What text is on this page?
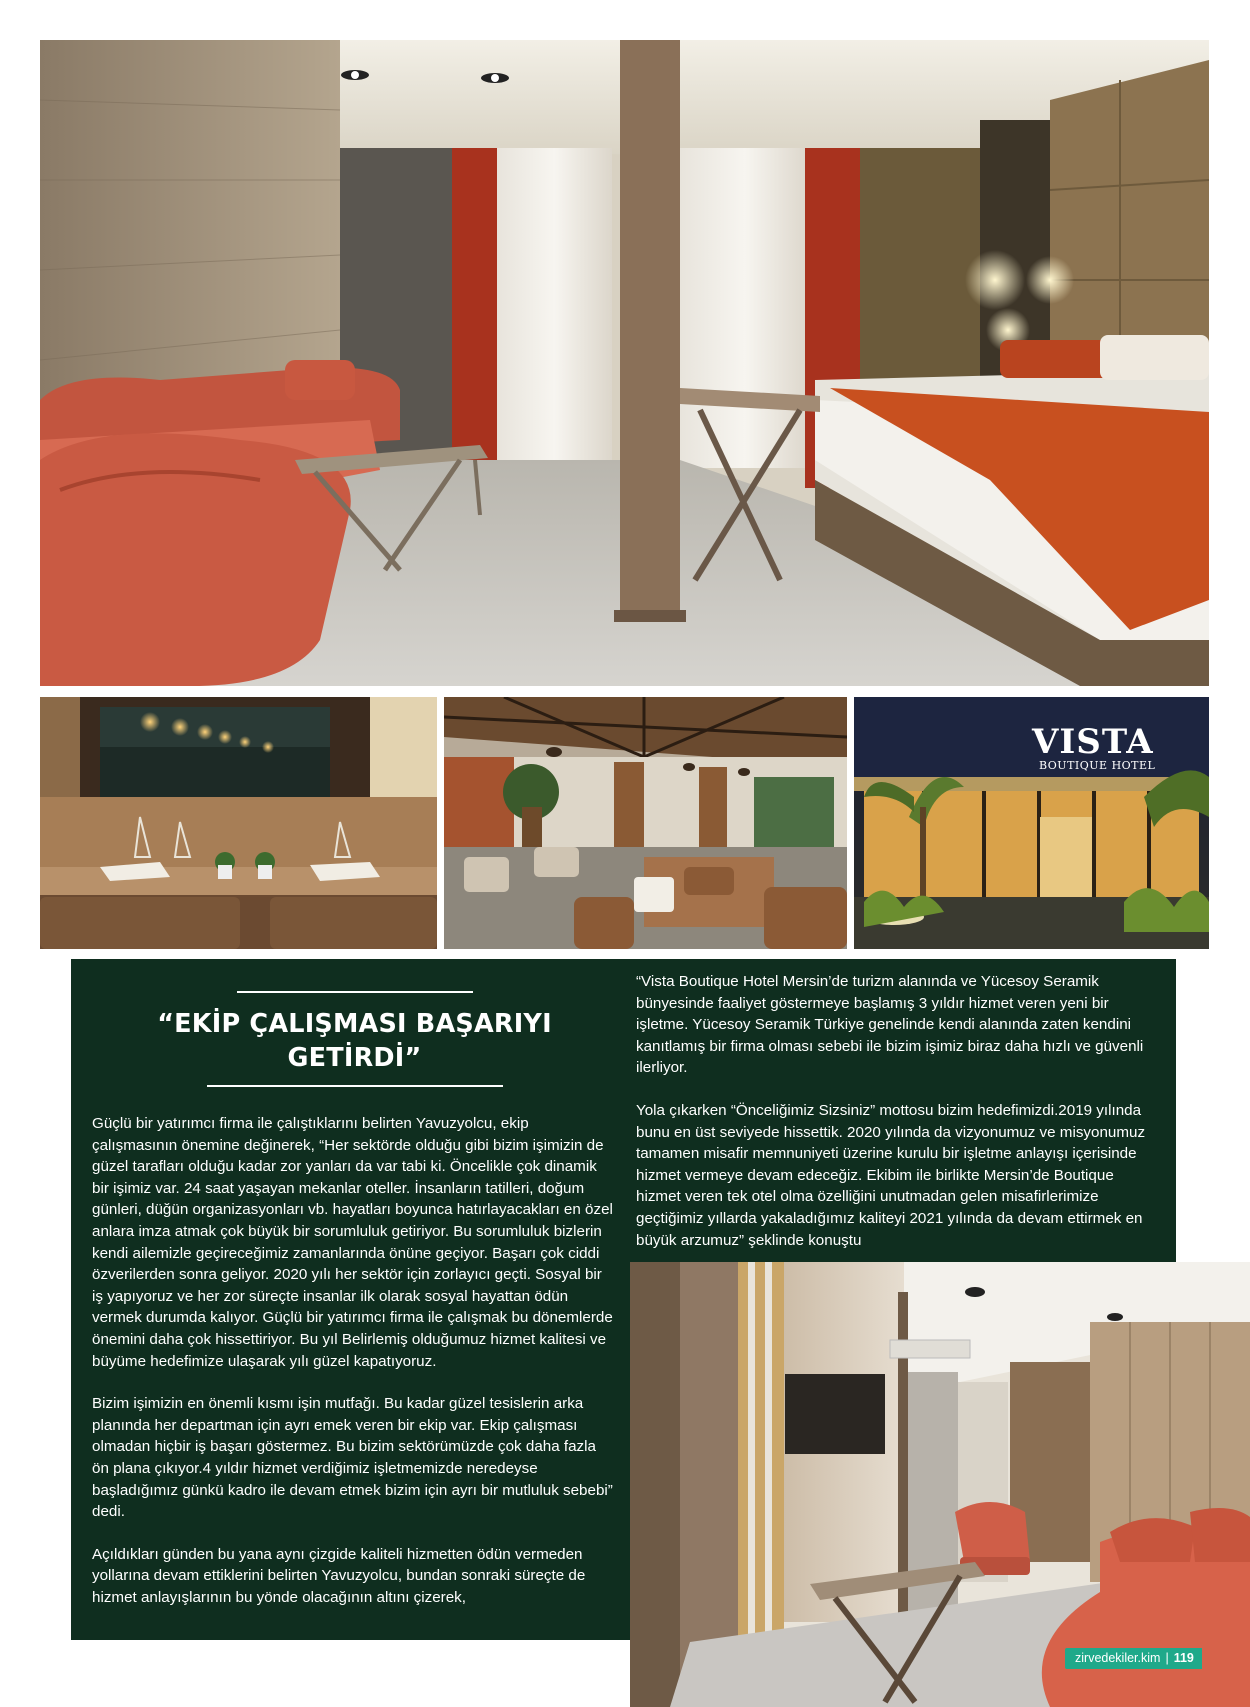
VISTA
BOUTIQUE HOTEL
“EKİP ÇALIŞMASI BAŞARIYI GETİRDİ”

Güçlü bir yatırımcı firma ile çalıştıklarını belirten Yavuzyolcu, ekip çalışmasının önemine değinerek, “Her sektörde olduğu gibi bizim işimizin de güzel tarafları olduğu kadar zor yanları da var tabi ki. Öncelikle çok dinamik bir işimiz var. 24 saat yaşayan mekanlar oteller. İnsanların tatilleri, doğum günleri, düğün organizasyonları vb. hayatları boyunca hatırlayacakları en özel anlara imza atmak çok büyük bir sorumluluk getiriyor. Bu sorumluluk bizlerin kendi ailemizle geçireceğimiz zamanlarında önüne geçiyor. Başarı çok ciddi özverilerden sonra geliyor. 2020 yılı her sektör için zorlayıcı geçti. Sosyal bir iş yapıyoruz ve her zor süreçte insanlar ilk olarak sosyal hayattan ödün vermek durumda kalıyor. Güçlü bir yatırımcı firma ile çalışmak bu dönemlerde önemini daha çok hissettiriyor. Bu yıl Belirlemiş olduğumuz hizmet kalitesi ve büyüme hedefimize ulaşarak yılı güzel kapatıyoruz.

Bizim işimizin en önemli kısmı işin mutfağı. Bu kadar güzel tesislerin arka planında her departman için ayrı emek veren bir ekip var. Ekip çalışması olmadan hiçbir iş başarı göstermez. Bu bizim sektörümüzde çok daha fazla ön plana çıkıyor.4 yıldır hizmet verdiğimiz işletmemizde neredeyse başladığımız günkü kadro ile devam etmek bizim için ayrı bir mutluluk sebebi” dedi.

Açıldıkları günden bu yana aynı çizgide kaliteli hizmetten ödün vermeden yollarına devam ettiklerini belirten Yavuzyolcu, bundan sonraki süreçte de hizmet anlayışlarının bu yönde olacağının altını çizerek,

“Vista Boutique Hotel Mersin’de turizm alanında ve Yücesoy Seramik bünyesinde faaliyet göstermeye başlamış 3 yıldır hizmet veren yeni bir işletme. Yücesoy Seramik Türkiye genelinde kendi alanında zaten kendini kanıtlamış bir firma olması sebebi ile bizim işimiz biraz daha hızlı ve güvenli ilerliyor.

Yola çıkarken “Önceliğimiz Sizsiniz” mottosu bizim hedefimizdi.2019 yılında bunu en üst seviyede hissettik. 2020 yılında da vizyonumuz ve misyonumuz tamamen misafir memnuniyeti üzerine kurulu bir işletme anlayışı içerisinde hizmet vermeye devam edeceğiz. Ekibim ile birlikte Mersin’de Boutique hizmet veren tek otel olma özelliğini unutmadan gelen misafirlerimize geçtiğimiz yıllarda yakaladığımız kaliteyi 2021 yılında da devam ettirmek en büyük arzumuz” şeklinde konuştu

zirvedekiler.kim | 119
